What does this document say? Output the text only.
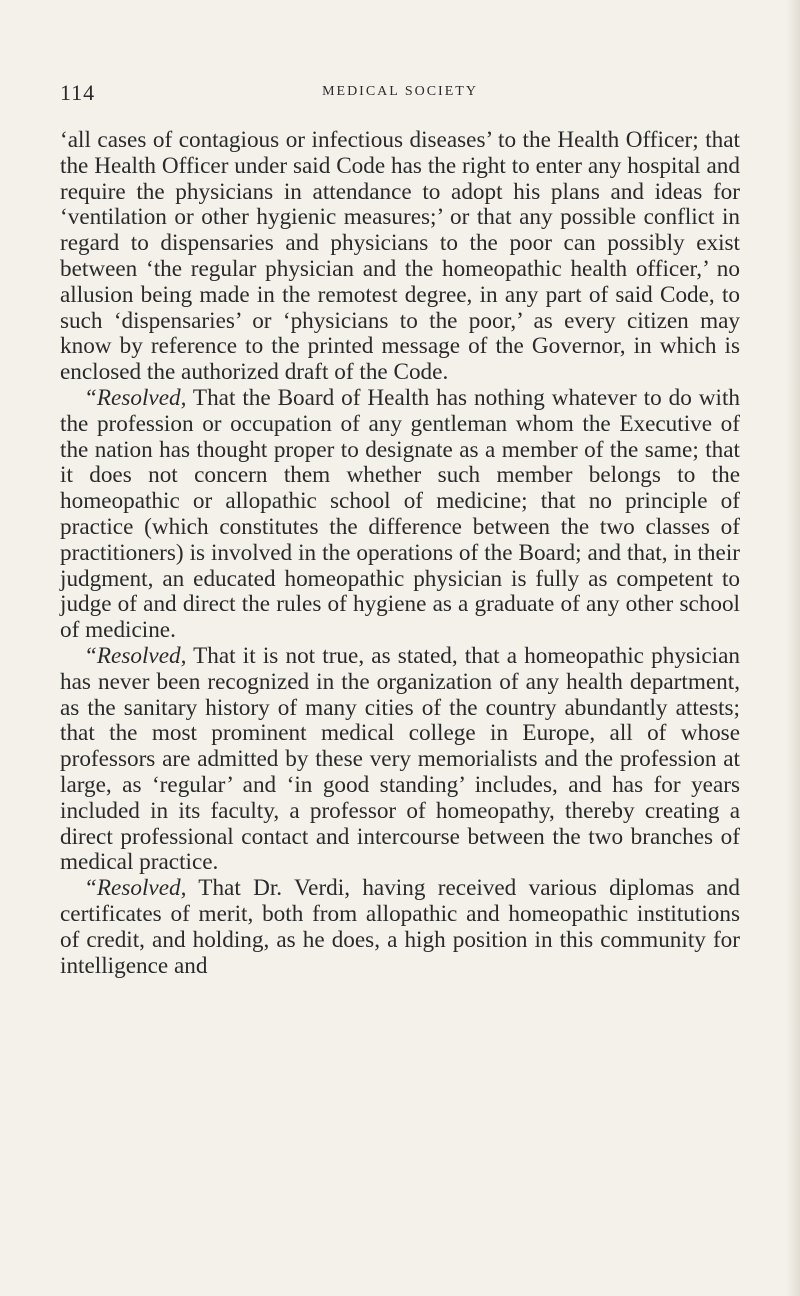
114	MEDICAL SOCIETY

‘all cases of contagious or infectious diseases’ to the Health Officer; that the Health Officer under said Code has the right to enter any hospital and require the physicians in attendance to adopt his plans and ideas for ‘ventilation or other hygienic measures;’ or that any possible conflict in regard to dispensaries and physicians to the poor can possibly exist between ‘the regular physician and the homeopathic health officer,’ no allusion being made in the remotest degree, in any part of said Code, to such ‘dispensaries’ or ‘physicians to the poor,’ as every citizen may know by reference to the printed message of the Governor, in which is enclosed the authorized draft of the Code.

“Resolved, That the Board of Health has nothing whatever to do with the profession or occupation of any gentleman whom the Executive of the nation has thought proper to designate as a member of the same; that it does not concern them whether such member belongs to the homeopathic or allopathic school of medicine; that no principle of practice (which constitutes the difference between the two classes of practitioners) is involved in the operations of the Board; and that, in their judgment, an educated homeopathic physician is fully as competent to judge of and direct the rules of hygiene as a graduate of any other school of medicine.

“Resolved, That it is not true, as stated, that a homeopathic physician has never been recognized in the organization of any health department, as the sanitary history of many cities of the country abundantly attests; that the most prominent medical college in Europe, all of whose professors are admitted by these very memorialists and the profession at large, as ‘regular’ and ‘in good standing’ includes, and has for years included in its faculty, a professor of homeopathy, thereby creating a direct professional contact and intercourse between the two branches of medical practice.

“Resolved, That Dr. Verdi, having received various diplomas and certificates of merit, both from allopathic and homeopathic institutions of credit, and holding, as he does, a high position in this community for intelligence and
